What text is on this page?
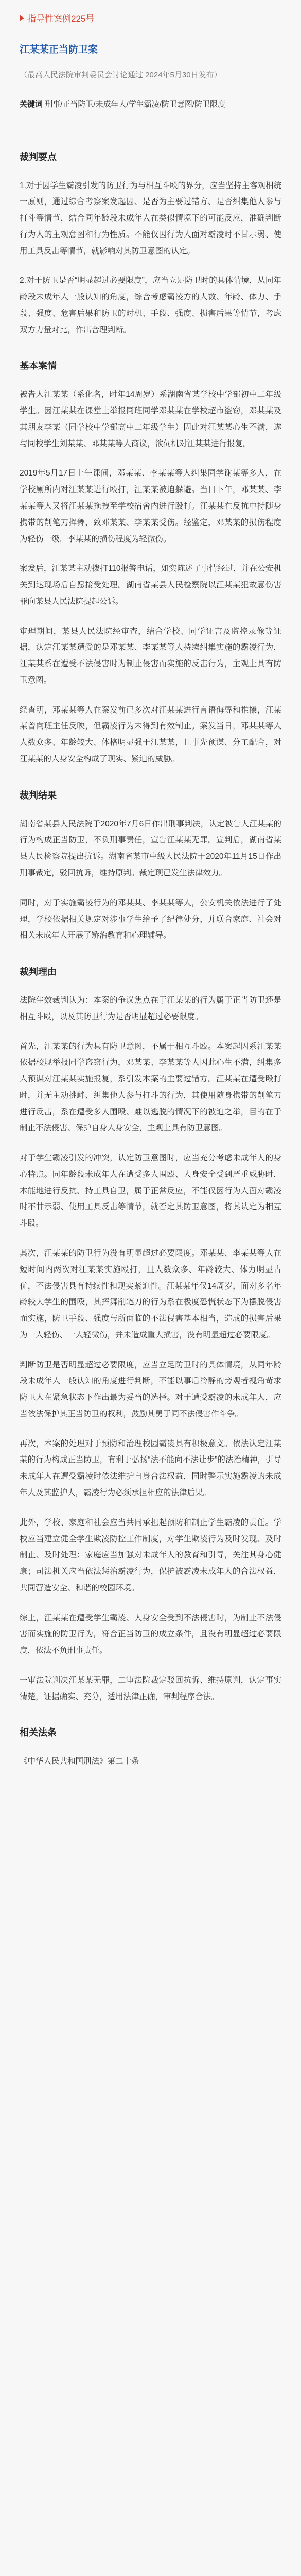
指导性案例225号
江某某正当防卫案

（最高人民法院审判委员会讨论通过 2024年5月30日发布）

关键词 刑事/正当防卫/未成年人/学生霸凌/防卫意图/防卫限度

裁判要点

1.对于因学生霸凌引发的防卫行为与相互斗殴的界分，应当坚持主客观相统一原则，通过综合考察案发起因、是否为主要过错方、是否纠集他人参与打斗等情节，结合同年龄段未成年人在类似情境下的可能反应，准确判断行为人的主观意图和行为性质。不能仅因行为人面对霸凌时不甘示弱、使用工具反击等情节，就影响对其防卫意图的认定。

2.对于防卫是否“明显超过必要限度”，应当立足防卫时的具体情境，从同年龄段未成年人一般认知的角度，综合考虑霸凌方的人数、年龄、体力、手段、强度、危害后果和防卫的时机、手段、强度、损害后果等情节，考虑双方力量对比，作出合理判断。

基本案情

被告人江某某（系化名，时年14周岁）系湖南省某学校中学部初中二年级学生。因江某某在课堂上举报同班同学邓某某在学校超市盗窃，邓某某及其朋友李某（同学校中学部高中二年级学生）因此对江某某心生不满，遂与同校学生刘某某、邓某某等人商议，欲伺机对江某某进行报复。

2019年5月17日上午课间，邓某某、李某某等人纠集同学谢某等多人，在学校厕所内对江某某进行殴打，江某某被迫躲避。当日下午，邓某某、李某某等人又将江某某拖拽至学校宿舍内进行殴打。江某某在反抗中持随身携带的削笔刀挥舞，致邓某某、李某某受伤。经鉴定，邓某某的损伤程度为轻伤一级，李某某的损伤程度为轻微伤。

案发后，江某某主动拨打110报警电话，如实陈述了事情经过，并在公安机关到达现场后自愿接受处理。湖南省某县人民检察院以江某某犯故意伤害罪向某县人民法院提起公诉。

审理期间，某县人民法院经审查，结合学校、同学证言及监控录像等证据，认定江某某遭受的是邓某某、李某某等人持续纠集实施的霸凌行为，江某某系在遭受不法侵害时为制止侵害而实施的反击行为，主观上具有防卫意图。

经查明，邓某某等人在案发前已多次对江某某进行言语侮辱和推搡，江某某曾向班主任反映，但霸凌行为未得到有效制止。案发当日，邓某某等人人数众多、年龄较大、体格明显强于江某某，且事先预谋、分工配合，对江某某的人身安全构成了现实、紧迫的威胁。

裁判结果

湖南省某县人民法院于2020年7月6日作出刑事判决，认定被告人江某某的行为构成正当防卫，不负刑事责任，宣告江某某无罪。宣判后，湖南省某县人民检察院提出抗诉。湖南省某市中级人民法院于2020年11月15日作出刑事裁定，驳回抗诉，维持原判。裁定现已发生法律效力。

同时，对于实施霸凌行为的邓某某、李某某等人，公安机关依法进行了处理，学校依据相关规定对涉事学生给予了纪律处分，并联合家庭、社会对相关未成年人开展了矫治教育和心理辅导。

裁判理由

法院生效裁判认为：本案的争议焦点在于江某某的行为属于正当防卫还是相互斗殴，以及其防卫行为是否明显超过必要限度。

首先，江某某的行为具有防卫意图，不属于相互斗殴。本案起因系江某某依据校规举报同学盗窃行为，邓某某、李某某等人因此心生不满，纠集多人预谋对江某某实施报复，系引发本案的主要过错方。江某某在遭受殴打时，并无主动挑衅、纠集他人参与打斗的行为，其使用随身携带的削笔刀进行反击，系在遭受多人围殴、难以逃脱的情况下的被迫之举，目的在于制止不法侵害、保护自身人身安全，主观上具有防卫意图。

对于学生霸凌引发的冲突，认定防卫意图时，应当充分考虑未成年人的身心特点。同年龄段未成年人在遭受多人围殴、人身安全受到严重威胁时，本能地进行反抗、持工具自卫，属于正常反应，不能仅因行为人面对霸凌时不甘示弱、使用工具反击等情节，就否定其防卫意图，将其认定为相互斗殴。

其次，江某某的防卫行为没有明显超过必要限度。邓某某、李某某等人在短时间内两次对江某某实施殴打，且人数众多、年龄较大、体力明显占优，不法侵害具有持续性和现实紧迫性。江某某年仅14周岁，面对多名年龄较大学生的围殴，其挥舞削笔刀的行为系在极度恐慌状态下为摆脱侵害而实施，防卫手段、强度与所面临的不法侵害基本相当，造成的损害后果为一人轻伤、一人轻微伤，并未造成重大损害，没有明显超过必要限度。

判断防卫是否明显超过必要限度，应当立足防卫时的具体情境，从同年龄段未成年人一般认知的角度进行判断，不能以事后冷静的旁观者视角苛求防卫人在紧急状态下作出最为妥当的选择。对于遭受霸凌的未成年人，应当依法保护其正当防卫的权利，鼓励其勇于同不法侵害作斗争。

再次，本案的处理对于预防和治理校园霸凌具有积极意义。依法认定江某某的行为构成正当防卫，有利于弘扬“法不能向不法让步”的法治精神，引导未成年人在遭受霸凌时依法维护自身合法权益，同时警示实施霸凌的未成年人及其监护人，霸凌行为必须承担相应的法律后果。

此外，学校、家庭和社会应当共同承担起预防和制止学生霸凌的责任。学校应当建立健全学生欺凌防控工作制度，对学生欺凌行为及时发现、及时制止、及时处理；家庭应当加强对未成年人的教育和引导，关注其身心健康；司法机关应当依法惩治霸凌行为，保护被霸凌未成年人的合法权益，共同营造安全、和谐的校园环境。

综上，江某某在遭受学生霸凌、人身安全受到不法侵害时，为制止不法侵害而实施的防卫行为，符合正当防卫的成立条件，且没有明显超过必要限度，依法不负刑事责任。

一审法院判决江某某无罪，二审法院裁定驳回抗诉、维持原判，认定事实清楚，证据确实、充分，适用法律正确，审判程序合法。

相关法条

《中华人民共和国刑法》第二十条
